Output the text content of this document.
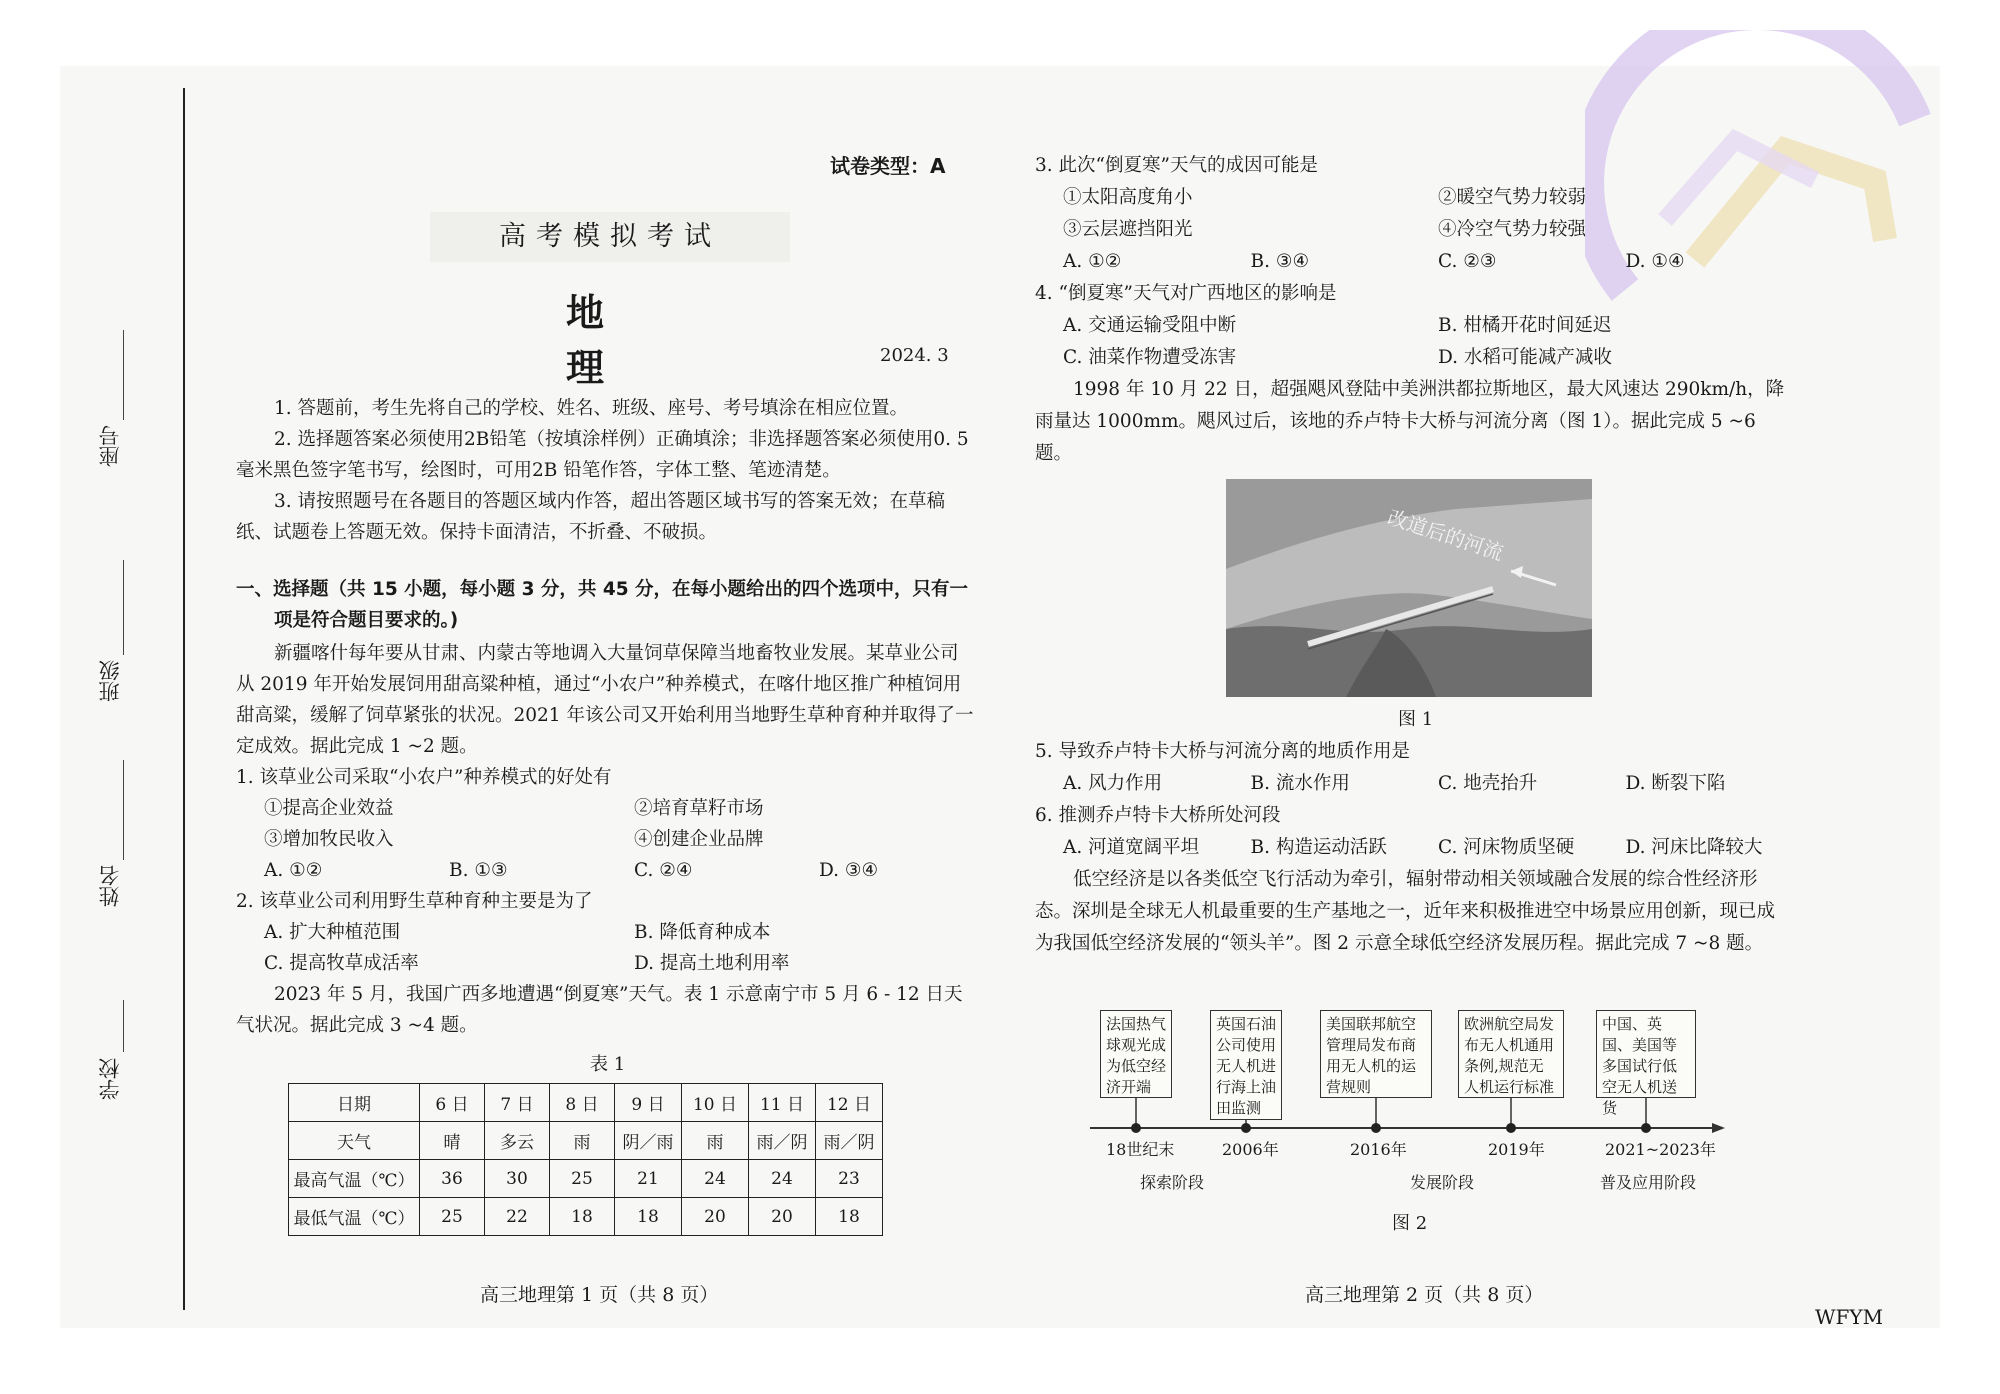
座号
班级
姓名
学校
试卷类型：A
高考模拟考试
地　理	2024. 3

1. 答题前，考生先将自己的学校、姓名、班级、座号、考号填涂在相应位置。

2. 选择题答案必须使用2B铅笔（按填涂样例）正确填涂；非选择题答案必须使用0. 5 毫米黑色签字笔书写，绘图时，可用2B 铅笔作答，字体工整、笔迹清楚。

3. 请按照题号在各题目的答题区域内作答，超出答题区域书写的答案无效；在草稿纸、试题卷上答题无效。保持卡面清洁，不折叠、不破损。

一、选择题（共 15 小题，每小题 3 分，共 45 分，在每小题给出的四个选项中，只有一
项是符合题目要求的。)

新疆喀什每年要从甘肃、内蒙古等地调入大量饲草保障当地畜牧业发展。某草业公司从 2019 年开始发展饲用甜高粱种植，通过“小农户”种养模式，在喀什地区推广种植饲用甜高粱，缓解了饲草紧张的状况。2021 年该公司又开始利用当地野生草种育种并取得了一定成效。据此完成 1 ~2 题。

1. 该草业公司采取“小农户”种养模式的好处有

①提高企业效益	②培育草籽市场
③增加牧民收入	④创建企业品牌
A. ①②	B. ①③	C. ②④	D. ③④

2. 该草业公司利用野生草种育种主要是为了

A. 扩大种植范围	B. 降低育种成本
C. 提高牧草成活率	D. 提高土地利用率

2023 年 5 月，我国广西多地遭遇“倒夏寒”天气。表 1 示意南宁市 5 月 6 - 12 日天气状况。据此完成 3 ~4 题。

表 1
日期	6 日	7 日	8 日	9 日	10 日	11 日	12 日
天气	晴	多云	雨	阴／雨	雨	雨／阴	雨／阴
最高气温（℃）	36	30	25	21	24	24	23
最低气温（℃）	25	22	18	18	20	20	18
高三地理第 1 页（共 8 页）

3. 此次“倒夏寒”天气的成因可能是

①太阳高度角小	②暖空气势力较弱
③云层遮挡阳光	④冷空气势力较强
A. ①②	B. ③④	C. ②③	D. ①④

4. “倒夏寒”天气对广西地区的影响是

A. 交通运输受阻中断	B. 柑橘开花时间延迟
C. 油菜作物遭受冻害	D. 水稻可能减产减收

1998 年 10 月 22 日，超强飓风登陆中美洲洪都拉斯地区，最大风速达 290km/h，降雨量达 1000mm。飓风过后，该地的乔卢特卡大桥与河流分离（图 1）。据此完成 5 ~6 题。

改道后的河流
图 1

5. 导致乔卢特卡大桥与河流分离的地质作用是

A. 风力作用	B. 流水作用	C. 地壳抬升	D. 断裂下陷

6. 推测乔卢特卡大桥所处河段

A. 河道宽阔平坦	B. 构造运动活跃	C. 河床物质坚硬	D. 河床比降较大

低空经济是以各类低空飞行活动为牵引，辐射带动相关领域融合发展的综合性经济形态。深圳是全球无人机最重要的生产基地之一，近年来积极推进空中场景应用创新，现已成为我国低空经济发展的“领头羊”。图 2 示意全球低空经济发展历程。据此完成 7 ~8 题。

法国热气球观光成为低空经济开端
英国石油公司使用无人机进行海上油田监测
美国联邦航空管理局发布商用无人机的运营规则
欧洲航空局发布无人机通用条例,规范无人机运行标准
中国、英国、美国等多国试行低空无人机送货
18世纪末	2006年	2016年	2019年	2021~2023年
探索阶段	发展阶段	普及应用阶段
图 2
高三地理第 2 页（共 8 页）
WFYM
